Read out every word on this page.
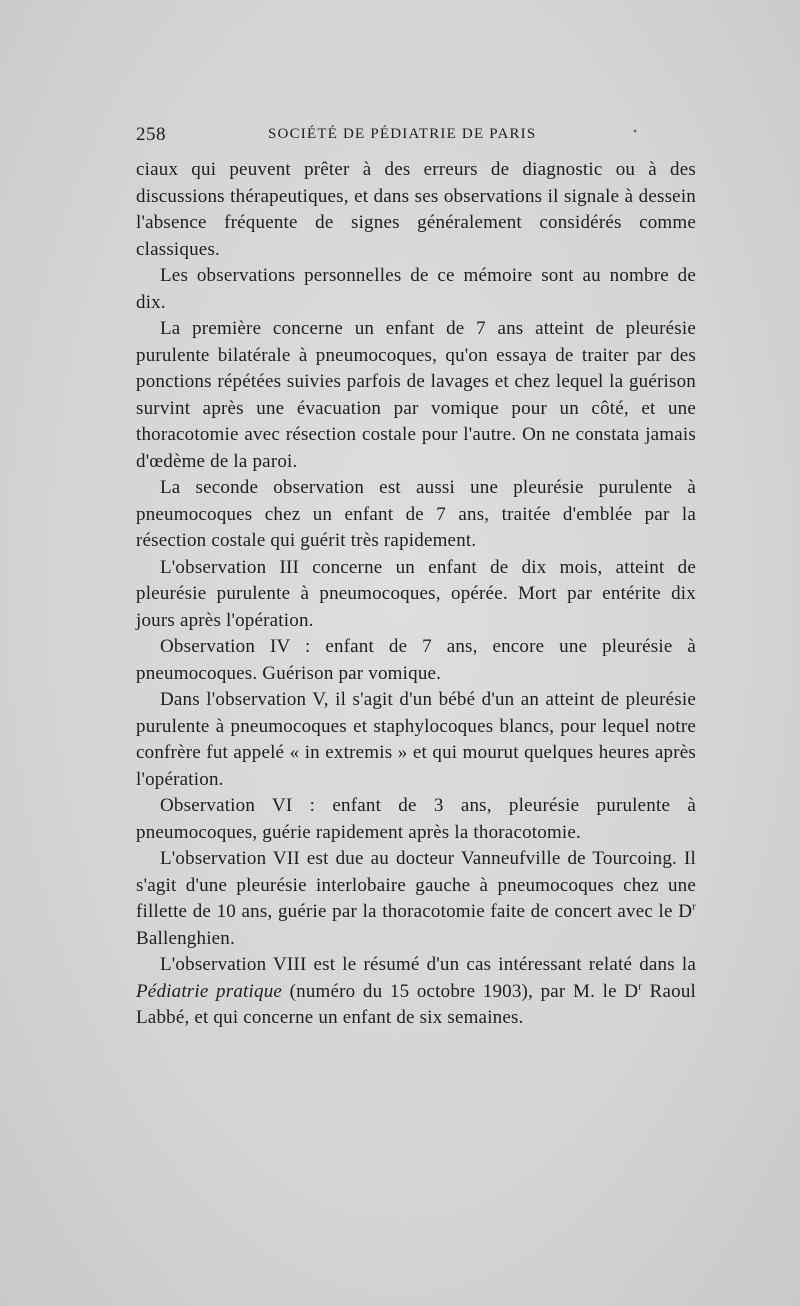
258	SOCIÉTÉ DE PÉDIATRIE DE PARIS	•

ciaux qui peuvent prêter à des erreurs de diagnostic ou à des discussions thérapeutiques, et dans ses observations il signale à dessein l'absence fréquente de signes généralement considérés comme classiques.

Les observations personnelles de ce mémoire sont au nombre de dix.

La première concerne un enfant de 7 ans atteint de pleurésie purulente bilatérale à pneumocoques, qu'on essaya de traiter par des ponctions répétées suivies parfois de lavages et chez lequel la guérison survint après une évacuation par vomique pour un côté, et une thoracotomie avec résection costale pour l'autre. On ne constata jamais d'œdème de la paroi.

La seconde observation est aussi une pleurésie purulente à pneumocoques chez un enfant de 7 ans, traitée d'emblée par la résection costale qui guérit très rapidement.

L'observation III concerne un enfant de dix mois, atteint de pleurésie purulente à pneumocoques, opérée. Mort par entérite dix jours après l'opération.

Observation IV : enfant de 7 ans, encore une pleurésie à pneumocoques. Guérison par vomique.

Dans l'observation V, il s'agit d'un bébé d'un an atteint de pleurésie purulente à pneumocoques et staphylocoques blancs, pour lequel notre confrère fut appelé « in extremis » et qui mourut quelques heures après l'opération.

Observation VI : enfant de 3 ans, pleurésie purulente à pneumocoques, guérie rapidement après la thoracotomie.

L'observation VII est due au docteur Vanneufville de Tourcoing. Il s'agit d'une pleurésie interlobaire gauche à pneumocoques chez une fillette de 10 ans, guérie par la thoracotomie faite de concert avec le $D^r$ Ballenghien.

L'observation VIII est le résumé d'un cas intéressant relaté dans la Pédiatrie pratique (numéro du 15 octobre 1903), par M. le $D^r$ Raoul Labbé, et qui concerne un enfant de six semaines.
